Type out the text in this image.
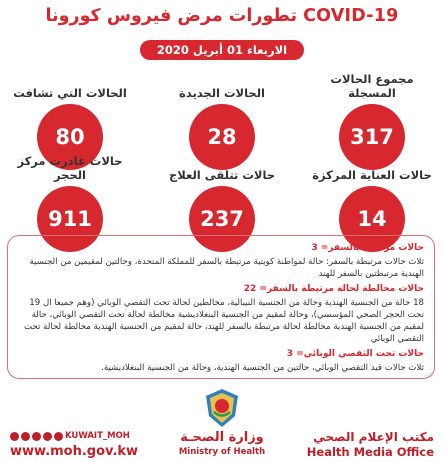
تطورات مرض فيروس كورونا COVID-19
الاربعاء 01 أبريل 2020
الحالات التي تشافت
80
الحالات الجديدة
28
مجموع الحالات المسجلة
317
حالات غادرت مركز الحجر
911
حالات تتلقى العلاج
237
حالات العناية المركزة
14

حالات مرتبطة بالسفر= 3

ثلاث حالات مرتبطة بالسفر: حالة لمواطنة كويتية مرتبطة بالسفر للمملكة المتحدة، وحالتين لمقيمين من الجنسية الهندية مرتبطتين بالسفر للهند

حالات مخالطة لحالة مرتبطة بالسفر= 22

18 حالة من الجنسية الهندية وحالة من الجنسية النيبالية، مخالطين لحالة تحت التقصي الوبائي (وهم جميعا ال 19 تحت الحجر الصحي المؤسسي)، وحالة لمقيم من الجنسية البنغلاديشية مخالطة لحالة تحت التقصي الوبائي، حالة لمقيم من الجنسية الهندية مخالطة لحالة مرتبطة بالسفر للهند، حالة لمقيم من الجنسية الهندية مخالطة لحالة تحت التقصي الوبائي

حالات تحت التقصي الوبائي= 3

ثلاث حالات قيد التقصي الوبائي، حالتين من الجنسية الهندية، وحالة من الجنسية البنغلاديشية.

KUWAIT_MOH
www.moh.gov.kw
وزارة الصحـة
Ministry of Health
مكتب الإعلام الصحي
Health Media Office
